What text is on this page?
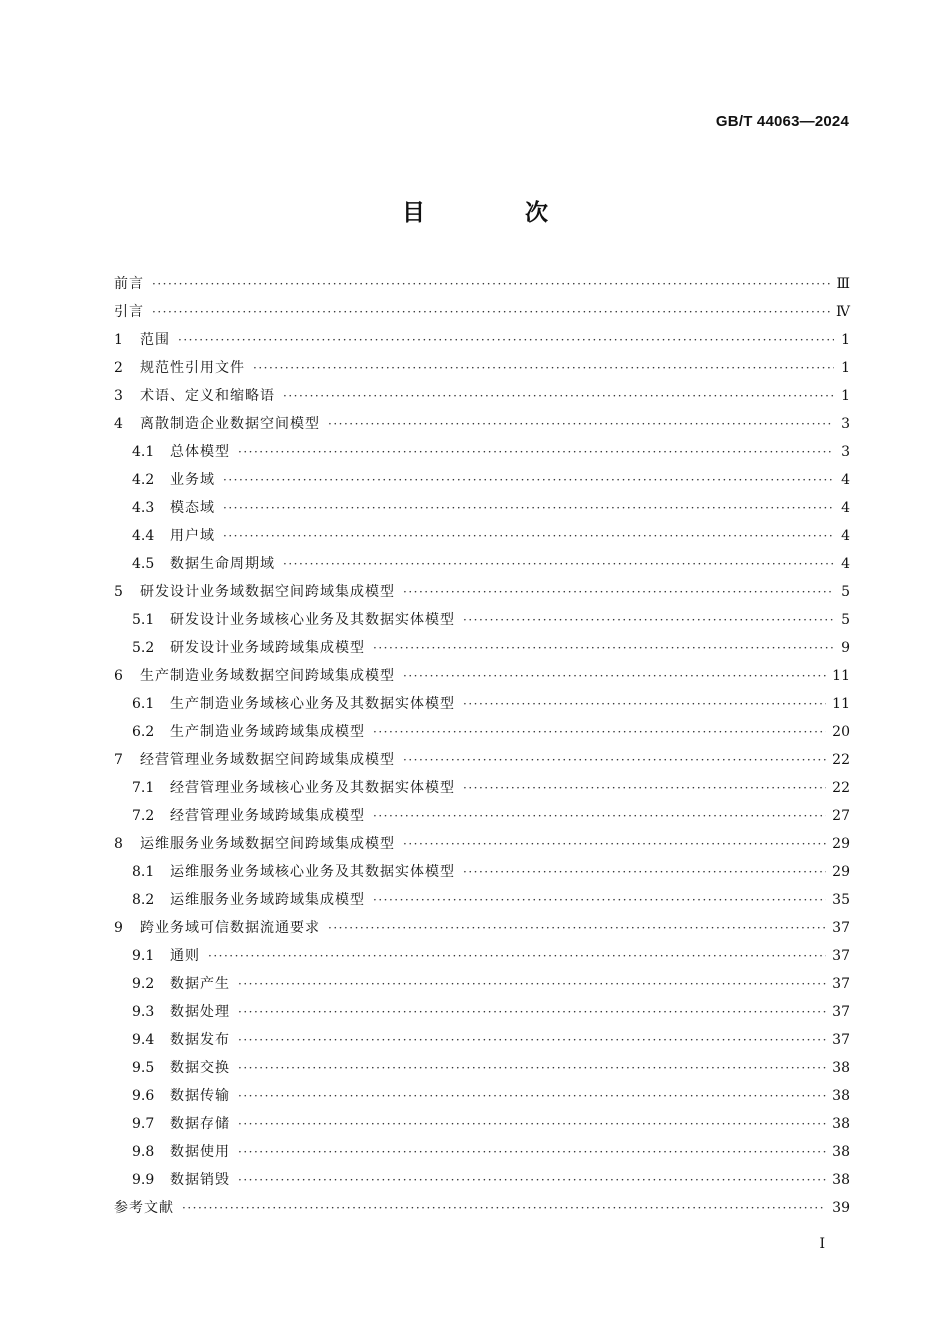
GB/T 44063—2024
目 次
前言 ·····	Ⅲ
引言 ·····	Ⅳ
1	范围 ·····	1
2	规范性引用文件 ·····	1
3	术语、定义和缩略语 ·····	1
4	离散制造企业数据空间模型 ·····	3
4.1	总体模型 ·····	3
4.2	业务域 ·····	4
4.3	模态域 ·····	4
4.4	用户域 ·····	4
4.5	数据生命周期域 ·····	4
5	研发设计业务域数据空间跨域集成模型 ·····	5
5.1	研发设计业务域核心业务及其数据实体模型 ·····	5
5.2	研发设计业务域跨域集成模型 ·····	9
6	生产制造业务域数据空间跨域集成模型 ·····	11
6.1	生产制造业务域核心业务及其数据实体模型 ·····	11
6.2	生产制造业务域跨域集成模型 ·····	20
7	经营管理业务域数据空间跨域集成模型 ·····	22
7.1	经营管理业务域核心业务及其数据实体模型 ·····	22
7.2	经营管理业务域跨域集成模型 ·····	27
8	运维服务业务域数据空间跨域集成模型 ·····	29
8.1	运维服务业务域核心业务及其数据实体模型 ·····	29
8.2	运维服务业务域跨域集成模型 ·····	35
9	跨业务域可信数据流通要求 ·····	37
9.1	通则 ·····	37
9.2	数据产生 ·····	37
9.3	数据处理 ·····	37
9.4	数据发布 ·····	37
9.5	数据交换 ·····	38
9.6	数据传输 ·····	38
9.7	数据存储 ·····	38
9.8	数据使用 ·····	38
9.9	数据销毁 ·····	38
参考文献 ·····	39
Ⅰ
